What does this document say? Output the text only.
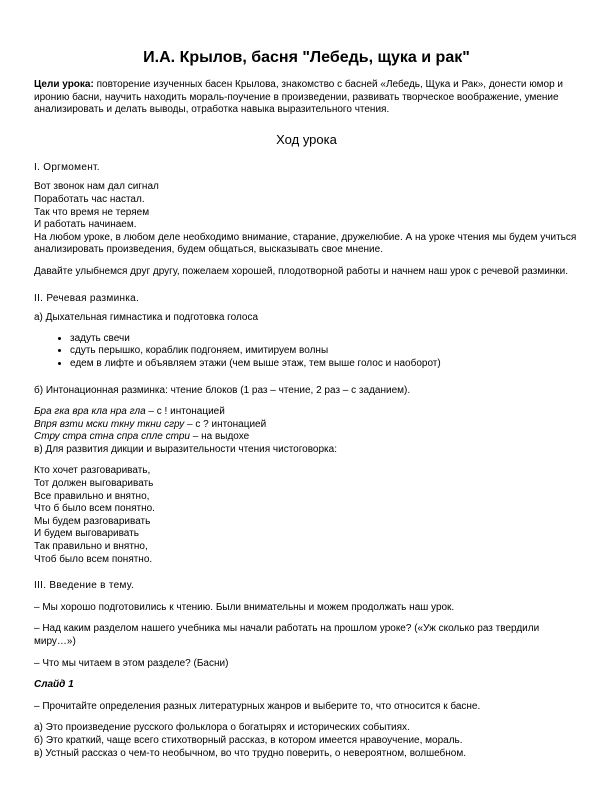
И.А. Крылов, басня "Лебедь, щука и рак"
Цели урока: повторение изученных басен Крылова, знакомство с басней «Лебедь, Щука и Рак», донести юмор и иронию басни, научить находить мораль-поучение в произведении, развивать творческое воображение, умение анализировать и делать выводы, отработка навыка выразительного чтения.
Ход урока
I. Оргмомент.
Вот звонок нам дал сигнал
Поработать час настал.
Так что время не теряем
И работать начинаем.
На любом уроке, в любом деле необходимо внимание, старание, дружелюбие. А на уроке чтения мы будем учиться анализировать произведения, будем общаться, высказывать свое мнение.
Давайте улыбнемся друг другу, пожелаем хорошей, плодотворной работы и начнем наш урок с речевой разминки.
II. Речевая разминка.
а) Дыхательная гимнастика и подготовка голоса
• задуть свечи
• сдуть перышко, кораблик подгоняем, имитируем волны
• едем в лифте и объявляем этажи (чем выше этаж, тем выше голос и наоборот)
б) Интонационная разминка: чтение блоков (1 раз – чтение, 2 раз – с заданием).
Бра гка вра кла нра гла – с ! интонацией
Впря взти мски ткну ткни сгру – с ? интонацией
Стру стра стна спра спле стри – на выдохе
в) Для развития дикции и выразительности чтения чистоговорка:
Кто хочет разговаривать,
Тот должен выговаривать
Все правильно и внятно,
Что б было всем понятно.
Мы будем разговаривать
И будем выговаривать
Так правильно и внятно,
Чтоб было всем понятно.
III. Введение в тему.
– Мы хорошо подготовились к чтению. Были внимательны и можем продолжать наш урок.
– Над каким разделом нашего учебника мы начали работать на прошлом уроке? («Уж сколько раз твердили миру…»)
– Что мы читаем в этом разделе? (Басни)
Слайд 1
– Прочитайте определения разных литературных жанров и выберите то, что относится к басне.
а) Это произведение русского фольклора о богатырях и исторических событиях.
б) Это краткий, чаще всего стихотворный рассказ, в котором имеется нравоучение, мораль.
в) Устный рассказ о чем-то необычном, во что трудно поверить, о невероятном, волшебном.
